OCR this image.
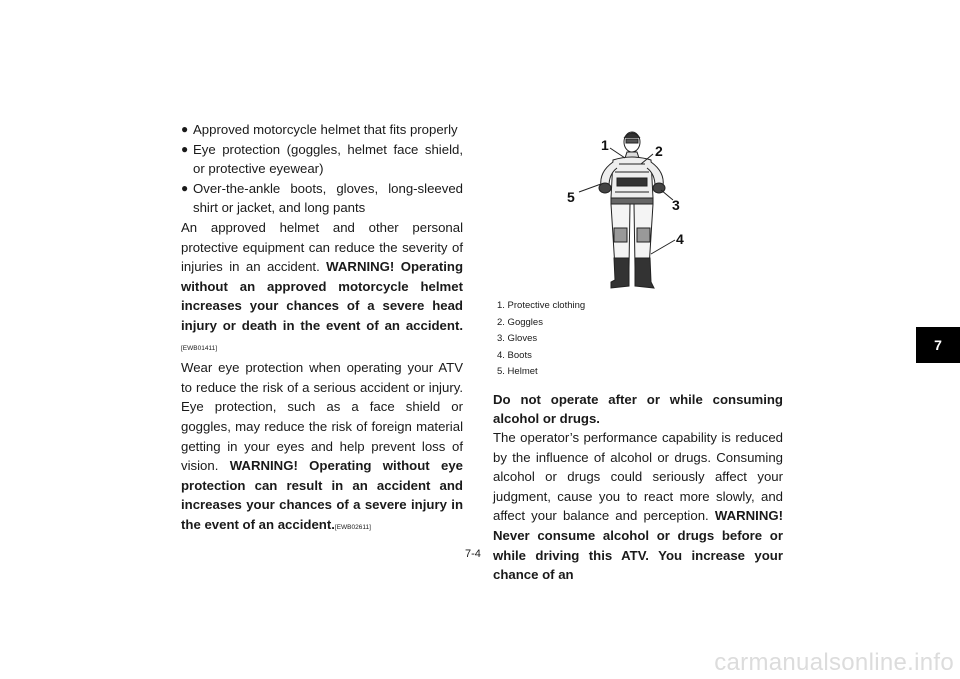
● Approved motorcycle helmet that fits properly
● Eye protection (goggles, helmet face shield, or protective eyewear)
● Over-the-ankle boots, gloves, long-sleeved shirt or jacket, and long pants

An approved helmet and other personal protective equipment can reduce the severity of injuries in an accident. WARNING! Operating without an approved motorcycle helmet increases your chances of a severe head injury or death in the event of an accident.[EWB01411]

Wear eye protection when operating your ATV to reduce the risk of a serious accident or injury. Eye protection, such as a face shield or goggles, may reduce the risk of foreign material getting in your eyes and help prevent loss of vision. WARNING! Operating without eye protection can result in an accident and increases your chances of a severe injury in the event of an accident.[EWB02611]

1	2
3
4
5
1. Protective clothing
2. Goggles
3. Gloves
4. Boots
5. Helmet

Do not operate after or while consuming alcohol or drugs.

The operator’s performance capability is reduced by the influence of alcohol or drugs. Consuming alcohol or drugs could seriously affect your judgment, cause you to react more slowly, and affect your balance and perception. WARNING! Never consume alcohol or drugs before or while driving this ATV. You increase your chance of an

7
7-4
carmanualsonline.info
